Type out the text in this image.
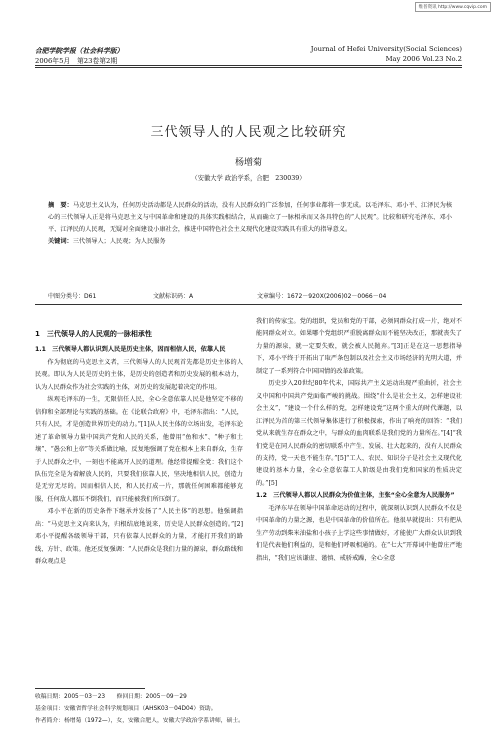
维普资讯 http://www.cqvip.com
合肥学院学报（社会科学版）	Journal of Hefei University(Social Sciences)
2006年5月　第23卷第2期	May 2006 Vol.23 No.2
三代领导人的人民观之比较研究
杨增菊
（安徽大学 政治学系，合肥　230039）
摘　要：马克思主义认为，任何历史活动都是人民群众的活动，没有人民群众的广泛参加，任何事业都将一事无成。以毛泽东、邓小平、江泽民为核心的三代领导人正是将马克思主义与中国革命和建设的具体实践相结合，从而确立了一脉相承而又各具特色的“人民观”。比较和研究毛泽东、邓小平、江泽民的人民观，无疑对全面建设小康社会，推进中国特色社会主义现代化建设实践具有重大的指导意义。
关键词：三代领导人；人民观；为人民服务
中图分类号：D61	文献标识码：A	文章编号：1672－920X(2006)02－0066－04

1　三代领导人的人民观的一脉相承性

1.1　三代领导人都认识到人民是历史主体，因而相信人民，依靠人民

作为彻底的马克思主义者，三代领导人的人民观首先都是历史主体的人民观。即认为人民是历史的主体，是历史的创造者和历史发展的根本动力，认为人民群众作为社会实践的主体，对历史的发展起着决定的作用。

纵观毛泽东的一生，无限信任人民，全心全意依靠人民是他坚定不移的信仰和全部理论与实践的基础。在《论联合政府》中，毛泽东指出：“人民，只有人民，才是创造世界历史的动力。”[1]从人民主体的立场出发，毛泽东论述了革命领导力量中国共产党和人民的关系，他曾用“鱼和水”、“种子和土壤”、“愚公和上帝”等关系做比喻，反复地强调了党在根本上来自群众，生存于人民群众之中，一刻也不能离开人民的道理。他经常提醒全党：我们这个队伍完全是为着解放人民的，只要我们依靠人民，坚决地相信人民，创造力是无穷无尽的。因而相信人民，和人民打成一片，那就任何困难都能够克服，任何敌人都压不倒我们，而只能被我们所压倒了。

邓小平在新的历史条件下继承并发扬了“人民主体”的思想。他强调指出：“马克思主义向来认为，归根结底地说来，历史是人民群众创造的。”[2]邓小平提醒各级领导干部，只有依靠人民群众的力量，才能打开我们的路线、方针、政策。他还反复强调：“人民群众是我们力量的源泉，群众路线和群众观点是

我们的传家宝。党的组织，党员和党的干部，必须同群众打成一片，绝对不能同群众对立。如果哪个党组织严重脱离群众而不能坚决改正，那就丧失了力量的源泉，就一定要失败，就会被人民抛弃。”[3]正是在这一思想指导下，邓小平终于开拓出了取严条包制以及社会主义市场经济的光明大道，并制定了一系列符合中国国情的改革政策。

历史步入20世纪80年代末，国际共产主义运动出现严重曲折，社会主义中国和中国共产党面临严峻的挑战。围绕“什么是社会主义，怎样建设社会主义”，“建设一个什么样的党，怎样建设党”这两个重大的时代课题，以江泽民为首的第三代领导集体进行了积极探索，作出了响亮的回答：“我们党从来就生存在群众之中，与群众的血肉联系是我们党的力量所在。”[4]“我们党是在同人民群众的密切联系中产生、发展、壮大起来的，没有人民群众的支持，党一天也不能生存。”[5]“工人、农民、知识分子是社会主义现代化建设的基本力量，全心全意依靠工人阶级是由我们党和国家的性质决定的。”[5]

1.2　三代领导人都以人民群众为价值主体，主张“全心全意为人民服务”

毛泽东早在领导中国革命运动的过程中，就深刻认识到人民群众不仅是中国革命的力量之源，也是中国革命的价值所在。他很早就提出：只有把从生产劳动到柴米油盐和小孩子上学这些事情做好，才能使广大群众认识到我们是代表他们利益的，是和他们呼吸相通的。在“七大”开幕词中他曾庄严地指出，“我们应该谦虚、谨慎、戒骄戒躁，全心全意

收稿日期：2005－03－23　　修回日期：2005－09－29
基金项目：安徽省哲学社会科学规划项目（AHSK03－04D04）资助。
作者简介：杨增菊（1972—），女，安徽合肥人，安徽大学政治学系讲师，硕士。
